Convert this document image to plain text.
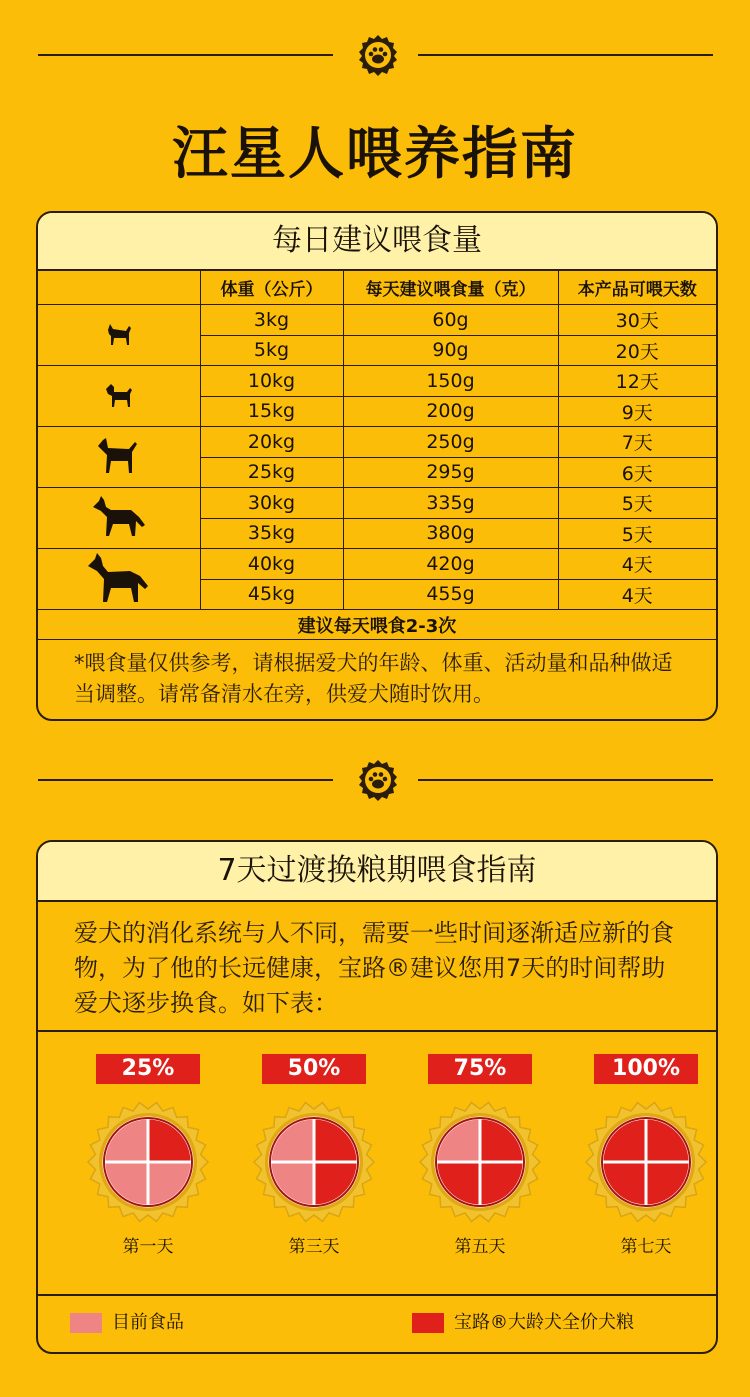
汪星人喂养指南
每日建议喂食量
	体重（公斤）	每天建议喂食量（克）	本产品可喂天数

	3kg	60g	30天
	5kg	90g	20天

	10kg	150g	12天
	15kg	200g	9天

	20kg	250g	7天
	25kg	295g	6天

	30kg	335g	5天
	35kg	380g	5天

	40kg	420g	4天
	45kg	455g	4天
建议每天喂食2-3次			
*喂食量仅供参考，请根据爱犬的年龄、体重、活动量和品种做适当调整。请常备清水在旁，供爱犬随时饮用。
7天过渡换粮期喂食指南
爱犬的消化系统与人不同，需要一些时间逐渐适应新的食物，为了他的长远健康，宝路®建议您用7天的时间帮助爱犬逐步换食。如下表：
25%
第一天
50%
第三天
75%
第五天
100%
第七天
目前食品	宝路®大龄犬全价犬粮
